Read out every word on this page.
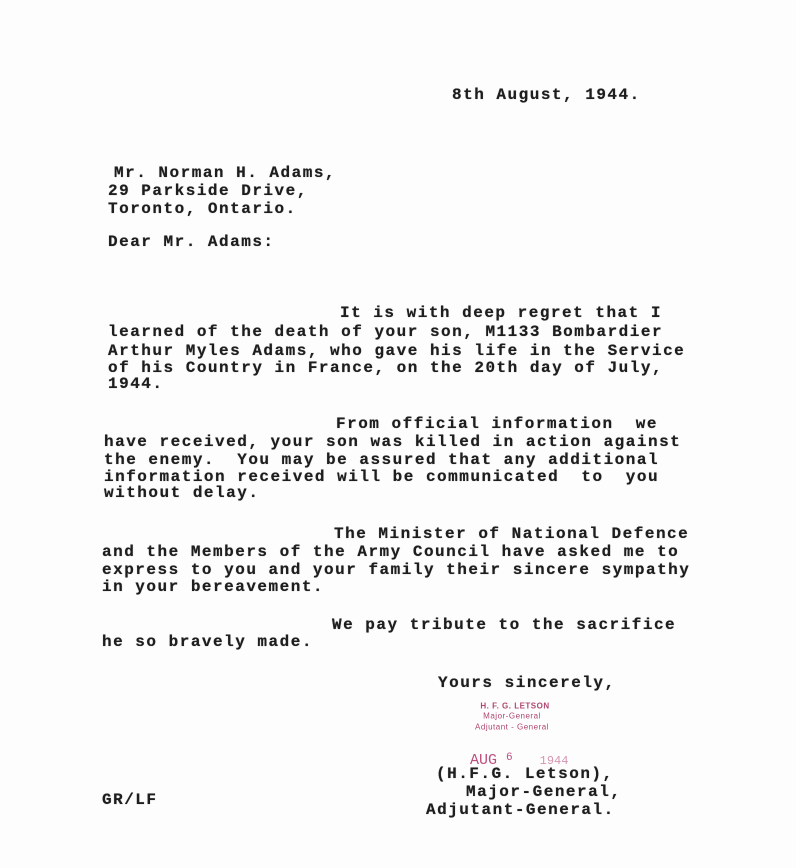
8th August, 1944.
Mr. Norman H. Adams,
29 Parkside Drive,
Toronto, Ontario.
Dear Mr. Adams:
It is with deep regret that I
learned of the death of your son, M1133 Bombardier
Arthur Myles Adams, who gave his life in the Service
of his Country in France, on the 20th day of July,
1944.
From official information  we
have received, your son was killed in action against
the enemy.  You may be assured that any additional
information received will be communicated  to  you
without delay.
The Minister of National Defence
and the Members of the Army Council have asked me to
express to you and your family their sincere sympathy
in your bereavement.
We pay tribute to the sacrifice
he so bravely made.
Yours sincerely,
H. F. G. LETSON
Major-General
Adjutant - General
AUG $^6$ 1944
(H.F.G. Letson),
Major-General,
Adjutant-General.
GR/LF
